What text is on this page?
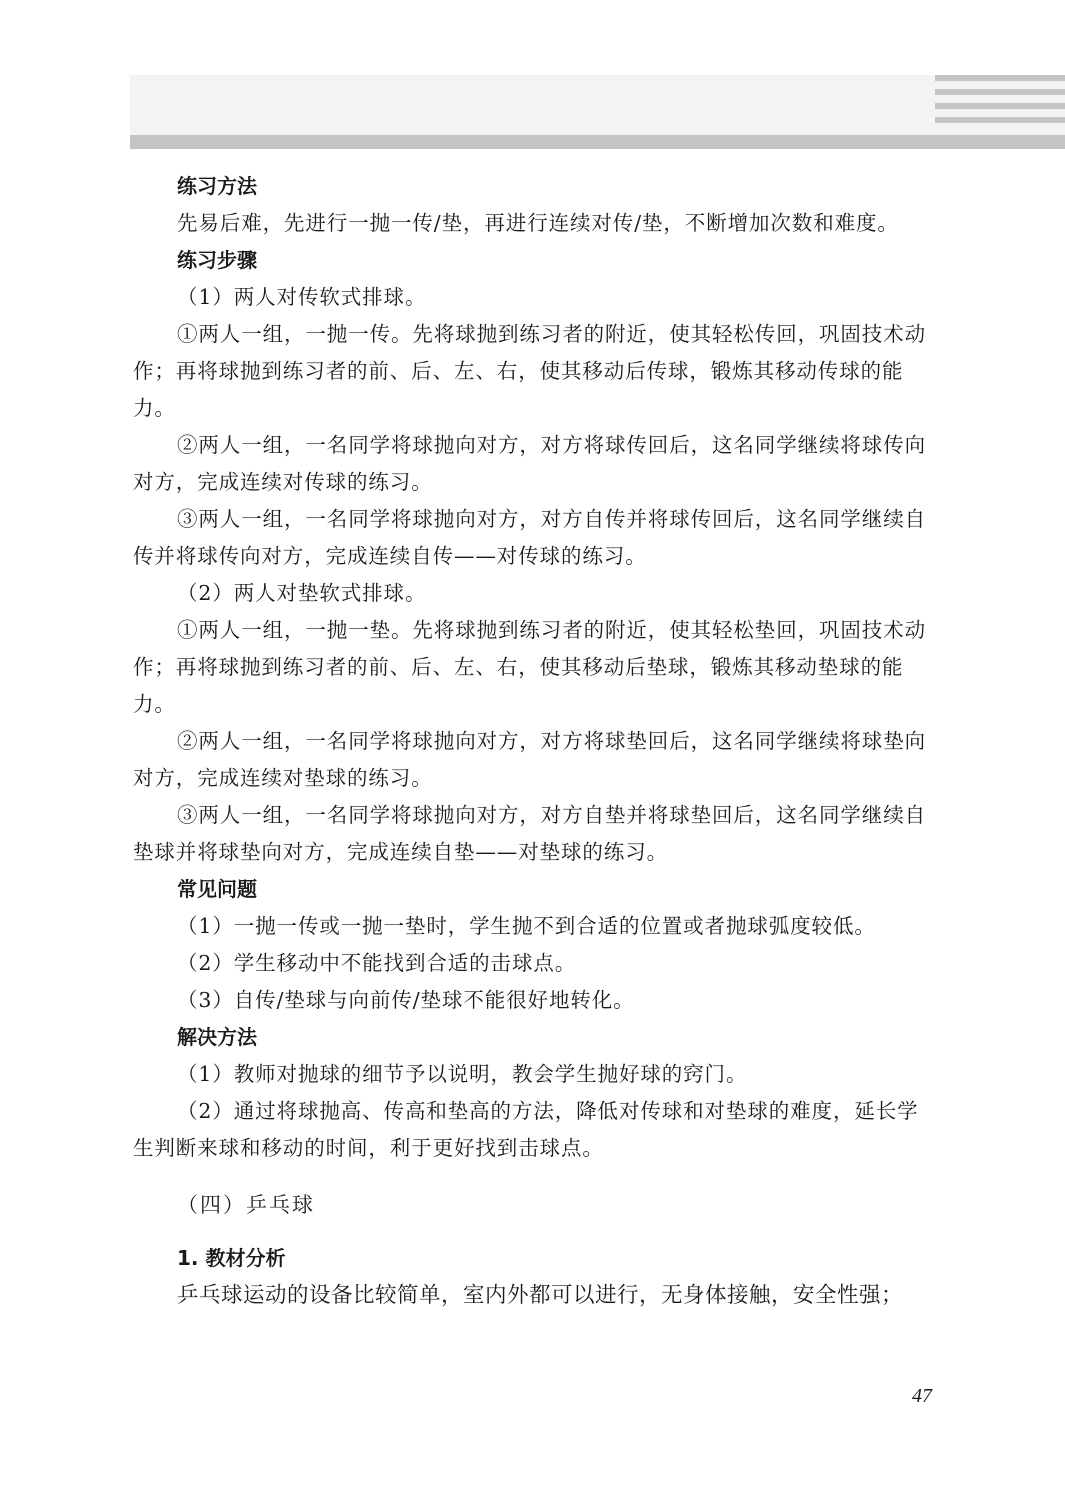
练习方法

先易后难，先进行一抛一传/垫，再进行连续对传/垫，不断增加次数和难度。

练习步骤

（1）两人对传软式排球。

①两人一组，一抛一传。先将球抛到练习者的附近，使其轻松传回，巩固技术动作；再将球抛到练习者的前、后、左、右，使其移动后传球，锻炼其移动传球的能力。

②两人一组，一名同学将球抛向对方，对方将球传回后，这名同学继续将球传向对方，完成连续对传球的练习。

③两人一组，一名同学将球抛向对方，对方自传并将球传回后，这名同学继续自传并将球传向对方，完成连续自传——对传球的练习。

（2）两人对垫软式排球。

①两人一组，一抛一垫。先将球抛到练习者的附近，使其轻松垫回，巩固技术动作；再将球抛到练习者的前、后、左、右，使其移动后垫球，锻炼其移动垫球的能力。

②两人一组，一名同学将球抛向对方，对方将球垫回后，这名同学继续将球垫向对方，完成连续对垫球的练习。

③两人一组，一名同学将球抛向对方，对方自垫并将球垫回后，这名同学继续自垫球并将球垫向对方，完成连续自垫——对垫球的练习。

常见问题

（1）一抛一传或一抛一垫时，学生抛不到合适的位置或者抛球弧度较低。

（2）学生移动中不能找到合适的击球点。

（3）自传/垫球与向前传/垫球不能很好地转化。

解决方法

（1）教师对抛球的细节予以说明，教会学生抛好球的窍门。

（2）通过将球抛高、传高和垫高的方法，降低对传球和对垫球的难度，延长学生判断来球和移动的时间，利于更好找到击球点。

（四）乒乓球
1. 教材分析

乒乓球运动的设备比较简单，室内外都可以进行，无身体接触，安全性强；

47
